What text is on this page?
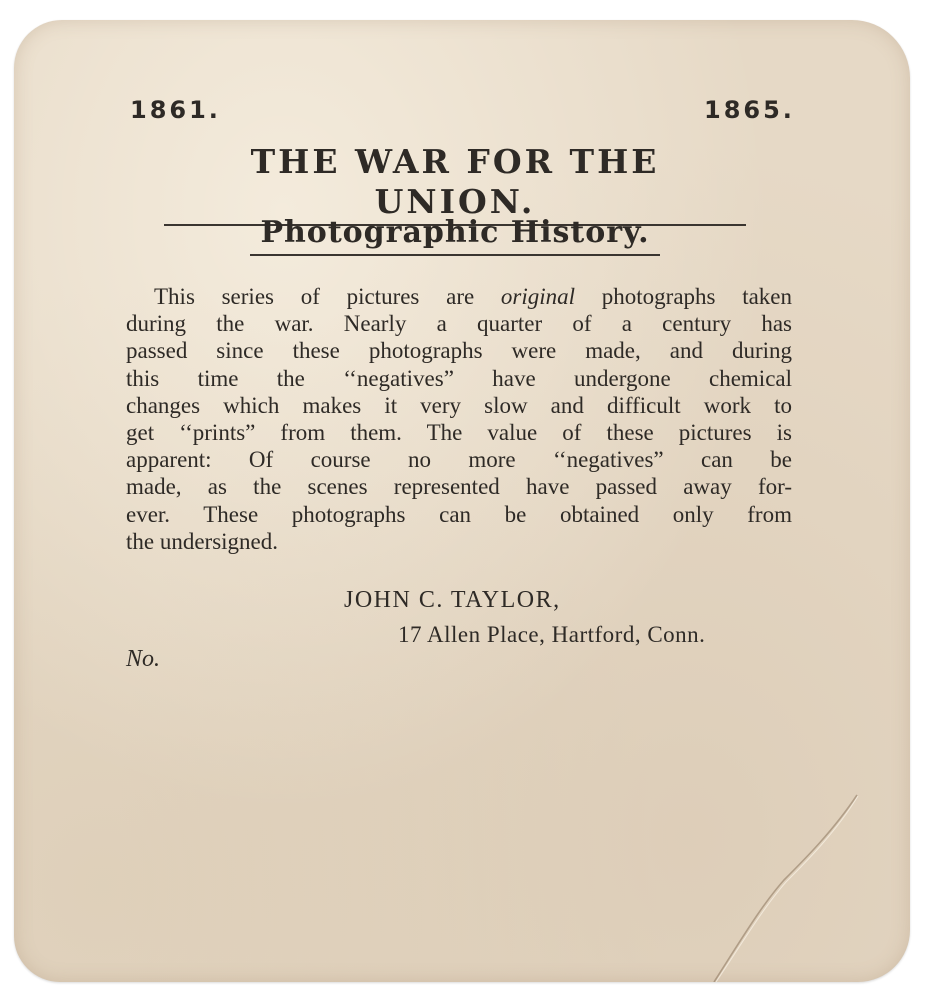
1861.	1865.
THE WAR FOR THE UNION.
Photographic History.
This series of pictures are original photographs taken
during the war. Nearly a quarter of a century has
passed since these photographs were made, and during
this time the ‘‘negatives” have undergone chemical
changes which makes it very slow and difficult work to
get ‘‘prints” from them. The value of these pictures is
apparent: Of course no more ‘‘negatives” can be
made, as the scenes represented have passed away for-
ever. These photographs can be obtained only from
the undersigned.
JOHN C. TAYLOR,
17 Allen Place, Hartford, Conn.
No.
